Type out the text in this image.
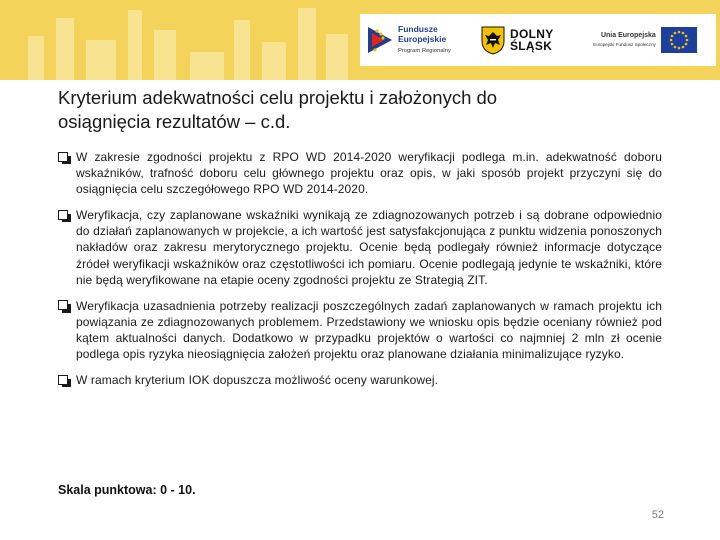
Fundusze
Europejskie
Program Regionalny
DOLNY
ŚLĄSK
Unia Europejska
Europejski Fundusz Społeczny
Kryterium adekwatności celu projektu i założonych do
osiągnięcia rezultatów – c.d.
W zakresie zgodności projektu z RPO WD 2014-2020 weryfikacji podlega m.in. adekwatność doboru wskaźników, trafność doboru celu głównego projektu oraz opis, w jaki sposób projekt przyczyni się do osiągnięcia celu szczegółowego RPO WD 2014-2020.
Weryfikacja, czy zaplanowane wskaźniki wynikają ze zdiagnozowanych potrzeb i są dobrane odpowiednio do działań zaplanowanych w projekcie, a ich wartość jest satysfakcjonująca z punktu widzenia ponoszonych nakładów oraz zakresu merytorycznego projektu. Ocenie będą podlegały również informacje dotyczące źródeł weryfikacji wskaźników oraz częstotliwości ich pomiaru. Ocenie podlegają jedynie te wskaźniki, które nie będą weryfikowane na etapie oceny zgodności projektu ze Strategią ZIT.
Weryfikacja uzasadnienia potrzeby realizacji poszczególnych zadań zaplanowanych w ramach projektu ich powiązania ze zdiagnozowanych problemem. Przedstawiony we wniosku opis będzie oceniany również pod kątem aktualności danych. Dodatkowo w przypadku projektów o wartości co najmniej 2 mln zł ocenie podlega opis ryzyka nieosiągnięcia założeń projektu oraz planowane działania minimalizujące ryzyko.
W ramach kryterium IOK dopuszcza możliwość oceny warunkowej.
Skala punktowa: 0 - 10.
52
